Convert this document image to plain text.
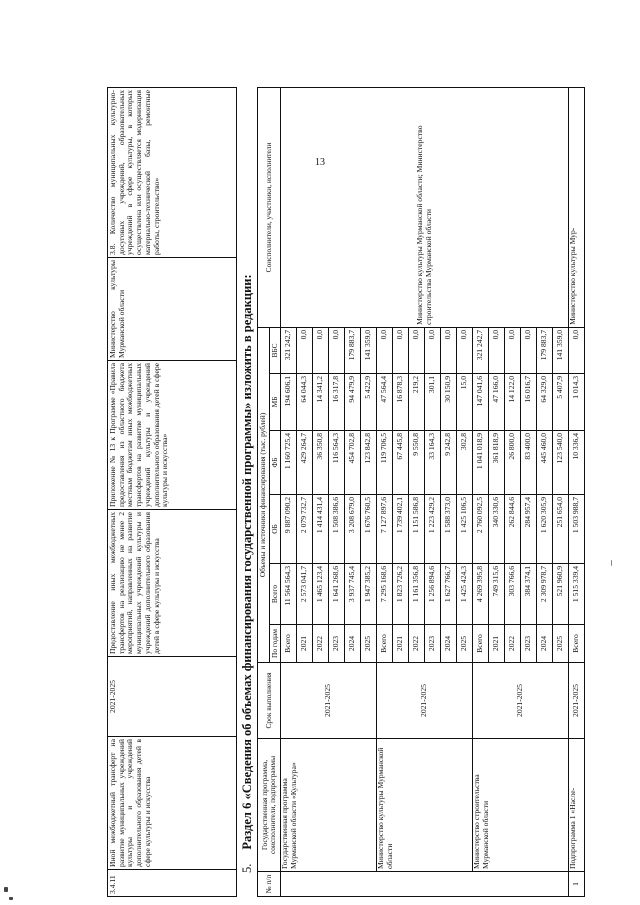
13
3.4.11	Иной межбюджетный трансферт на развитие муниципальных учреждений культуры и учреждений дополнительного образования детей в сфере культуры и искусства	2021-2025	Предоставление иных межбюджетных трансфертов на реализацию не менее 2 мероприятий, направленных на развитие муниципальных учреждений культуры и учреждений дополнительного образования детей в сфере культуры и искусства	Приложение № 13 к Программе «Правила предоставления из областного бюджета местным бюджетам иных межбюджетных трансфертов на развитие муниципальных учреждений культуры и учреждений дополнительного образования детей в сфере культуры и искусства»	Министерство культуры Мурманской области	3.8. Количество муниципальных культурно-досуговых учреждений, образовательных учреждений в сфере культуры, в которых осуществлена или осуществляется модернизация материально-технической базы, ремонтные работы, строительство»
5.Раздел 6 «Сведения об объемах финансирования государственной программы» изложить в редакции:
№ п/п	Государственная программа, соисполнители, подпрограммы	Срок выполнения	Объемы и источники финансирования (тыс. рублей)						Соисполнители, участники, исполнители
			По годам	Всего	ОБ	ФБ	МБ	ВБС	
	Государственная программа Мурманской области «Культура»	2021-2025	Всего	11 564 564,3	9 887 090,2	1 160 725,4	194 606,1	321 242,7	Министерство культуры Мурманской области; Министерство строительства Мурманской области
			2021	2 573 041,7	2 079 732,7	429 264,7	64 044,3	0,0	
			2022	1 465 123,4	1 414 431,4	36 350,8	14 341,2	0,0	
			2023	1 641 268,6	1 508 386,6	116 564,3	16 317,8	0,0	
			2024	3 937 745,4	3 208 679,0	454 702,8	94 479,9	179 883,7	
			2025	1 947 385,2	1 676 760,5	123 842,8	5 422,9	141 359,0	
	Министерство культуры Мурманской области	2021-2025	Всего	7 295 168,6	7 127 897,6	119 706,5	47 564,4	0,0	
			2021	1 823 726,2	1 739 402,1	67 445,8	16 878,3	0,0	
			2022	1 161 356,8	1 151 586,8	9 550,8	219,2	0,0	
			2023	1 256 894,6	1 223 429,2	33 164,3	301,1	0,0	
			2024	1 627 766,7	1 588 373,0	9 242,8	30 150,9	0,0	
			2025	1 425 424,3	1 425 106,5	302,8	15,0	0,0	
	Министерство строительства Мурманской области	2021-2025	Всего	4 269 395,8	2 760 092,5	1 041 018,9	147 041,6	321 242,7	
			2021	749 315,6	340 330,6	361 818,9	47 166,0	0,0	
			2022	303 766,6	262 844,6	26 800,0	14 122,0	0,0	
			2023	384 374,1	284 957,4	83 400,0	16 016,7	0,0	
			2024	2 309 978,7	1 620 305,9	445 460,0	64 329,0	179 883,7	
			2025	521 960,9	251 654,0	123 540,0	5 407,9	141 359,0	
1	Подпрограмма 1 «Насле-	2021-2025	Всего	1 515 339,4	1 503 988,7	10 336,4	1 014,3	0,0	Министерство культуры Мур-
